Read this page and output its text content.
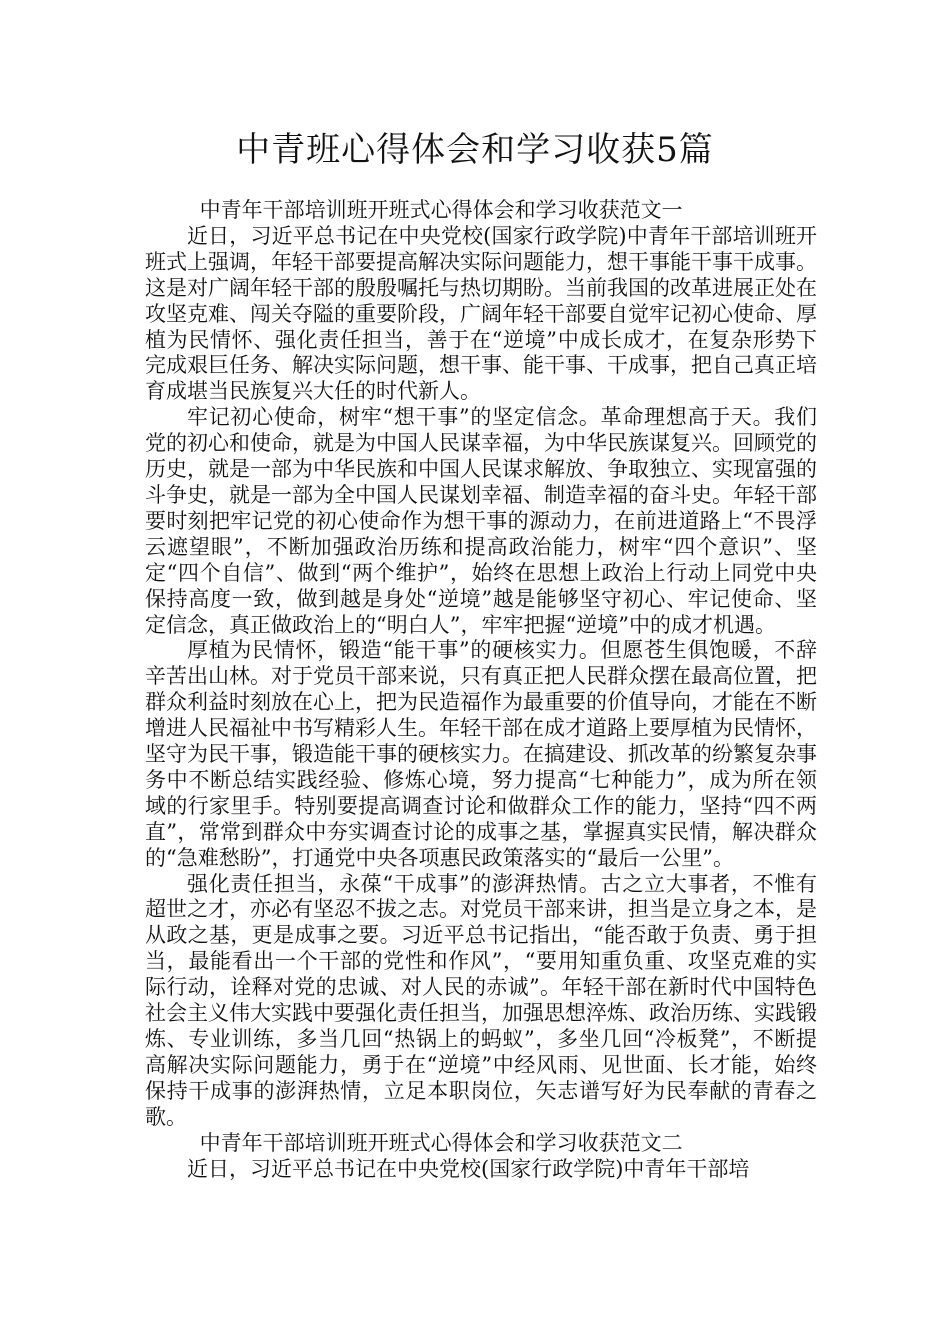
中青班心得体会和学习收获5篇

中青年干部培训班开班式心得体会和学习收获范文一

近日，习近平总书记在中央党校(国家行政学院)中青年干部培训班开班式上强调，年轻干部要提高解决实际问题能力，想干事能干事干成事。这是对广阔年轻干部的殷殷嘱托与热切期盼。当前我国的改革进展正处在攻坚克难、闯关夺隘的重要阶段，广阔年轻干部要自觉牢记初心使命、厚植为民情怀、强化责任担当，善于在“逆境”中成长成才，在复杂形势下完成艰巨任务、解决实际问题，想干事、能干事、干成事，把自己真正培育成堪当民族复兴大任的时代新人。

牢记初心使命，树牢“想干事”的坚定信念。革命理想高于天。我们党的初心和使命，就是为中国人民谋幸福，为中华民族谋复兴。回顾党的历史，就是一部为中华民族和中国人民谋求解放、争取独立、实现富强的斗争史，就是一部为全中国人民谋划幸福、制造幸福的奋斗史。年轻干部要时刻把牢记党的初心使命作为想干事的源动力，在前进道路上“不畏浮云遮望眼”，不断加强政治历练和提高政治能力，树牢“四个意识”、坚定“四个自信”、做到“两个维护”，始终在思想上政治上行动上同党中央保持高度一致，做到越是身处“逆境”越是能够坚守初心、牢记使命、坚定信念，真正做政治上的“明白人”，牢牢把握“逆境”中的成才机遇。

厚植为民情怀，锻造“能干事”的硬核实力。但愿苍生俱饱暖，不辞辛苦出山林。对于党员干部来说，只有真正把人民群众摆在最高位置，把群众利益时刻放在心上，把为民造福作为最重要的价值导向，才能在不断增进人民福祉中书写精彩人生。年轻干部在成才道路上要厚植为民情怀，坚守为民干事，锻造能干事的硬核实力。在搞建设、抓改革的纷繁复杂事务中不断总结实践经验、修炼心境，努力提高“七种能力”，成为所在领域的行家里手。特别要提高调查讨论和做群众工作的能力，坚持“四不两直”，常常到群众中夯实调查讨论的成事之基，掌握真实民情，解决群众的“急难愁盼”，打通党中央各项惠民政策落实的“最后一公里”。

强化责任担当，永葆“干成事”的澎湃热情。古之立大事者，不惟有超世之才，亦必有坚忍不拔之志。对党员干部来讲，担当是立身之本，是从政之基，更是成事之要。习近平总书记指出，“能否敢于负责、勇于担当，最能看出一个干部的党性和作风”，“要用知重负重、攻坚克难的实际行动，诠释对党的忠诚、对人民的赤诚”。年轻干部在新时代中国特色社会主义伟大实践中要强化责任担当，加强思想淬炼、政治历练、实践锻炼、专业训练，多当几回“热锅上的蚂蚁”，多坐几回“冷板凳”，不断提高解决实际问题能力，勇于在“逆境”中经风雨、见世面、长才能，始终保持干成事的澎湃热情，立足本职岗位，矢志谱写好为民奉献的青春之歌。

中青年干部培训班开班式心得体会和学习收获范文二

近日，习近平总书记在中央党校(国家行政学院)中青年干部培
